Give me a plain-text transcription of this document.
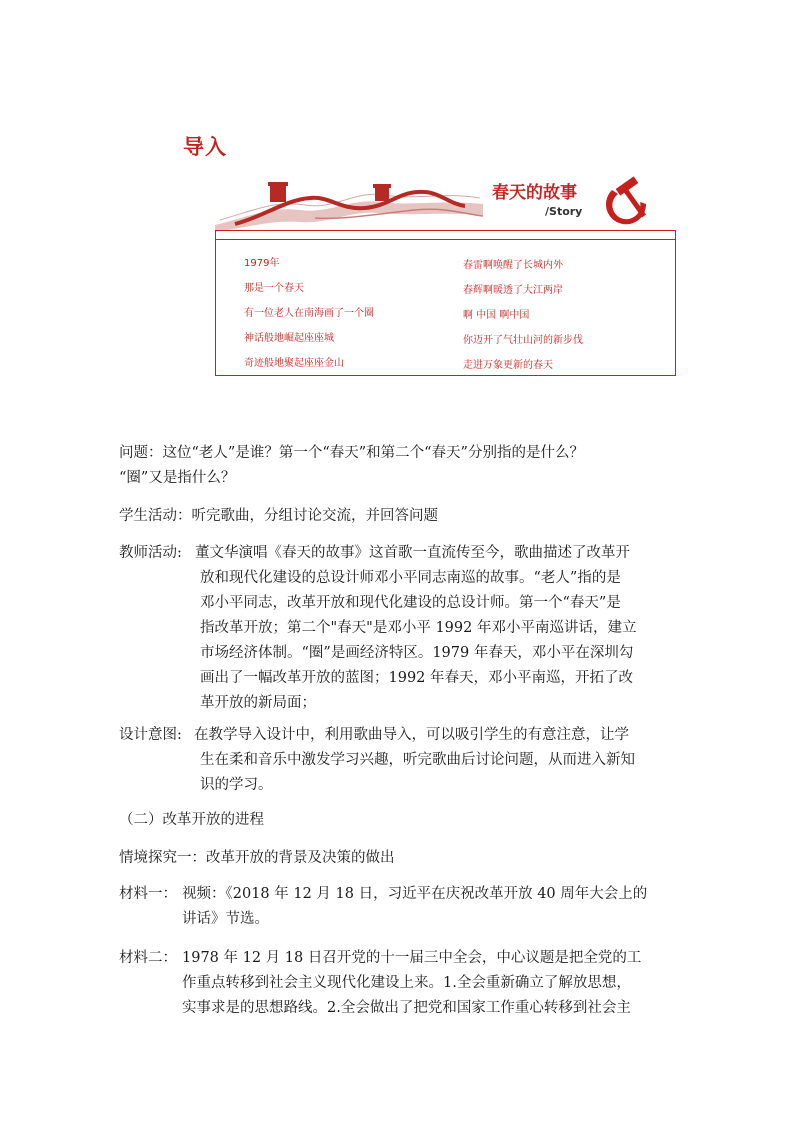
导入
春天的故事
/Story
1979年
那是一个春天
有一位老人在南海画了一个圈
神话般地崛起座座城
奇迹般地聚起座座金山
春雷啊唤醒了长城内外
春辉啊暖透了大江两岸
啊 中国 啊中国
你迈开了气壮山河的新步伐
走进万象更新的春天
问题：这位“老人”是谁？第一个“春天”和第二个“春天”分别指的是什么？
“圈”又是指什么？
学生活动：听完歌曲，分组讨论交流，并回答问题
教师活动: 董文华演唱《春天的故事》这首歌一直流传至今，歌曲描述了改革开
放和现代化建设的总设计师邓小平同志南巡的故事。“老人”指的是
邓小平同志，改革开放和现代化建设的总设计师。第一个“春天”是
指改革开放；第二个"春天"是邓小平 1992 年邓小平南巡讲话，建立
市场经济体制。“圈”是画经济特区。1979 年春天，邓小平在深圳勾
画出了一幅改革开放的蓝图；1992 年春天，邓小平南巡，开拓了改
革开放的新局面；
设计意图: 在教学导入设计中，利用歌曲导入，可以吸引学生的有意注意，让学
生在柔和音乐中激发学习兴趣，听完歌曲后讨论问题，从而进入新知
识的学习。
（二）改革开放的进程
情境探究一：改革开放的背景及决策的做出
材料一： 视频：《2018 年 12 月 18 日，习近平在庆祝改革开放 40 周年大会上的
讲话》节选。
材料二： 1978 年 12 月 18 日召开党的十一届三中全会，中心议题是把全党的工
作重点转移到社会主义现代化建设上来。1.全会重新确立了解放思想，
实事求是的思想路线。2.全会做出了把党和国家工作重心转移到社会主
